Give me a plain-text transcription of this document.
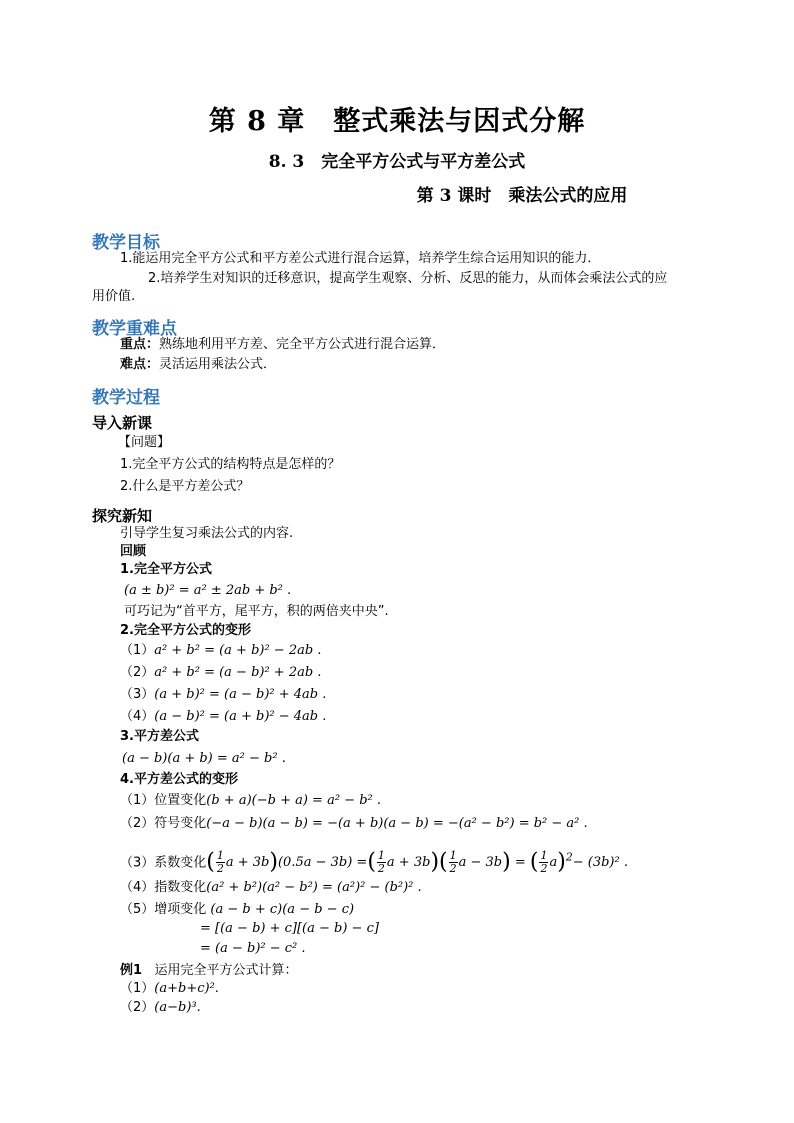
第 8 章　整式乘法与因式分解
8. 3　完全平方公式与平方差公式
第 3 课时　乘法公式的应用
教学目标
1.能运用完全平方公式和平方差公式进行混合运算，培养学生综合运用知识的能力．
2.培养学生对知识的迁移意识，提高学生观察、分析、反思的能力，从而体会乘法公式的应
用价值.
教学重难点
重点：熟练地利用平方差、完全平方公式进行混合运算．
难点：灵活运用乘法公式．
教学过程
导入新课
【问题】
1.完全平方公式的结构特点是怎样的？
2.什么是平方差公式？
探究新知
引导学生复习乘法公式的内容.
回顾
1.完全平方公式
(a ± b)² = a² ± 2ab + b² .
可巧记为“首平方，尾平方，积的两倍夹中央”.
2.完全平方公式的变形
（1）a² + b² = (a + b)² − 2ab .
（2）a² + b² = (a − b)² + 2ab .
（3）(a + b)² = (a − b)² + 4ab .
（4）(a − b)² = (a + b)² − 4ab .
3.平方差公式
(a − b)(a + b) = a² − b² .
4.平方差公式的变形
（1）位置变化(b + a)(−b + a) = a² − b² .
（2）符号变化(−a − b)(a − b) = −(a + b)(a − b) = −(a² − b²) = b² − a² .
（3）系数变化( $\frac{1}{2}$ a + 3b)(0.5a − 3b) =( $\frac{1}{2}$ $a + 3b)( \frac{1}{2}$ a − 3b) = ( $\frac{1}{2} a)^2- (3b)^2$ .
（4）指数变化(a² + b²)(a² − b²) = (a²)² − (b²)² .
（5）增项变化 (a − b + c)(a − b − c)
= [(a − b) + c][(a − b) − c]
= (a − b)² − c² .
例1 运用完全平方公式计算：
（1）(a+b+c)².
（2）(a−b)³.
